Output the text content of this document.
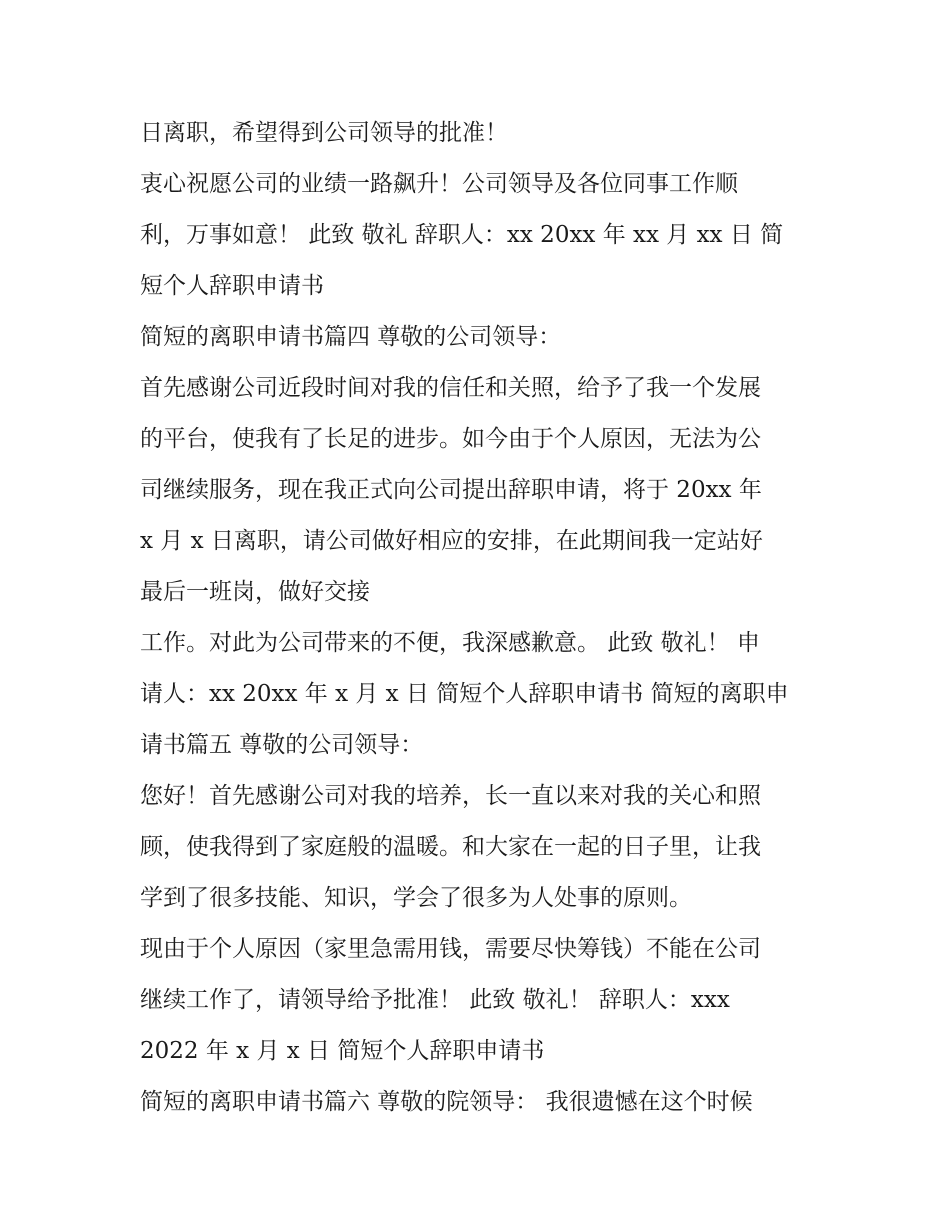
日离职，希望得到公司领导的批准！

衷心祝愿公司的业绩一路飙升！公司领导及各位同事工作顺

利，万事如意！ 此致 敬礼 辞职人：xx 20xx 年 xx 月 xx 日 简

短个人辞职申请书

简短的离职申请书篇四 尊敬的公司领导：

首先感谢公司近段时间对我的信任和关照，给予了我一个发展

的平台，使我有了长足的进步。如今由于个人原因，无法为公

司继续服务，现在我正式向公司提出辞职申请，将于 20xx 年

x 月 x 日离职，请公司做好相应的安排，在此期间我一定站好

最后一班岗，做好交接

工作。对此为公司带来的不便，我深感歉意。 此致 敬礼！ 申

请人：xx 20xx 年 x 月 x 日 简短个人辞职申请书 简短的离职申

请书篇五 尊敬的公司领导：

您好！首先感谢公司对我的培养，长一直以来对我的关心和照

顾，使我得到了家庭般的温暖。和大家在一起的日子里，让我

学到了很多技能、知识，学会了很多为人处事的原则。

现由于个人原因（家里急需用钱，需要尽快筹钱）不能在公司

继续工作了，请领导给予批准！ 此致 敬礼！ 辞职人：xxx

2022 年 x 月 x 日 简短个人辞职申请书

简短的离职申请书篇六 尊敬的院领导： 我很遗憾在这个时候
